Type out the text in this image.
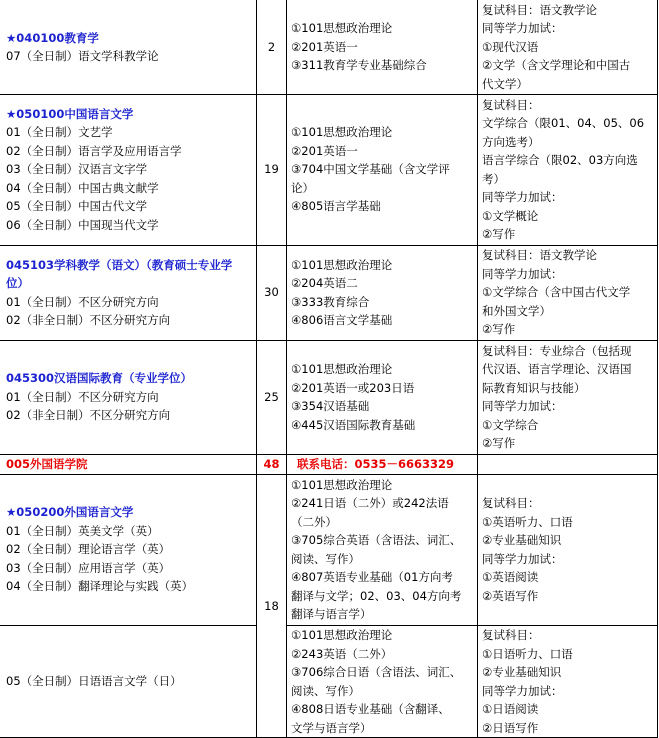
★040100教育学
07（全日制）语文学科教学论
2
①101思想政治理论
②201英语一
③311教育学专业基础综合
复试科目：语文教学论
同等学力加试：
①现代汉语
②文学（含文学理论和中国古
代文学）
★050100中国语言文学
01（全日制）文艺学
02（全日制）语言学及应用语言学
03（全日制）汉语言文字学
04（全日制）中国古典文献学
05（全日制）中国古代文学
06（全日制）中国现当代文学
19
①101思想政治理论
②201英语一
③704中国文学基础（含文学评
论）
④805语言学基础
复试科目：
文学综合（限01、04、05、06
方向选考）
语言学综合（限02、03方向选
考）
同等学力加试：
①文学概论
②写作
045103学科教学（语文）（教育硕士专业学
位）
01（全日制）不区分研究方向
02（非全日制）不区分研究方向
30
①101思想政治理论
②204英语二
③333教育综合
④806语言文学基础
复试科目：语文教学论
同等学力加试：
①文学综合（含中国古代文学
和外国文学）
②写作
045300汉语国际教育（专业学位）
01（全日制）不区分研究方向
02（非全日制）不区分研究方向
25
①101思想政治理论
②201英语一或203日语
③354汉语基础
④445汉语国际教育基础
复试科目：专业综合（包括现
代汉语、语言学理论、汉语国
际教育知识与技能）
同等学力加试：
①文学综合
②写作
005外国语学院	48	联系电话：0535－6663329
★050200外国语言文学
01（全日制）英美文学（英）
02（全日制）理论语言学（英）
03（全日制）应用语言学（英）
04（全日制）翻译理论与实践（英）
①101思想政治理论
②241日语（二外）或242法语
（二外）
③705综合英语（含语法、词汇、
阅读、写作）
④807英语专业基础（01方向考
翻译与文学；02、03、04方向考
翻译与语言学）
复试科目：
①英语听力、口语
②专业基础知识
同等学力加试：
①英语阅读
②英语写作
05（全日制）日语语言文学（日）
①101思想政治理论
②243英语（二外）
③706综合日语（含语法、词汇、
阅读、写作）
④808日语专业基础（含翻译、
文学与语言学）
复试科目：
①日语听力、口语
②专业基础知识
同等学力加试：
①日语阅读
②日语写作
18
